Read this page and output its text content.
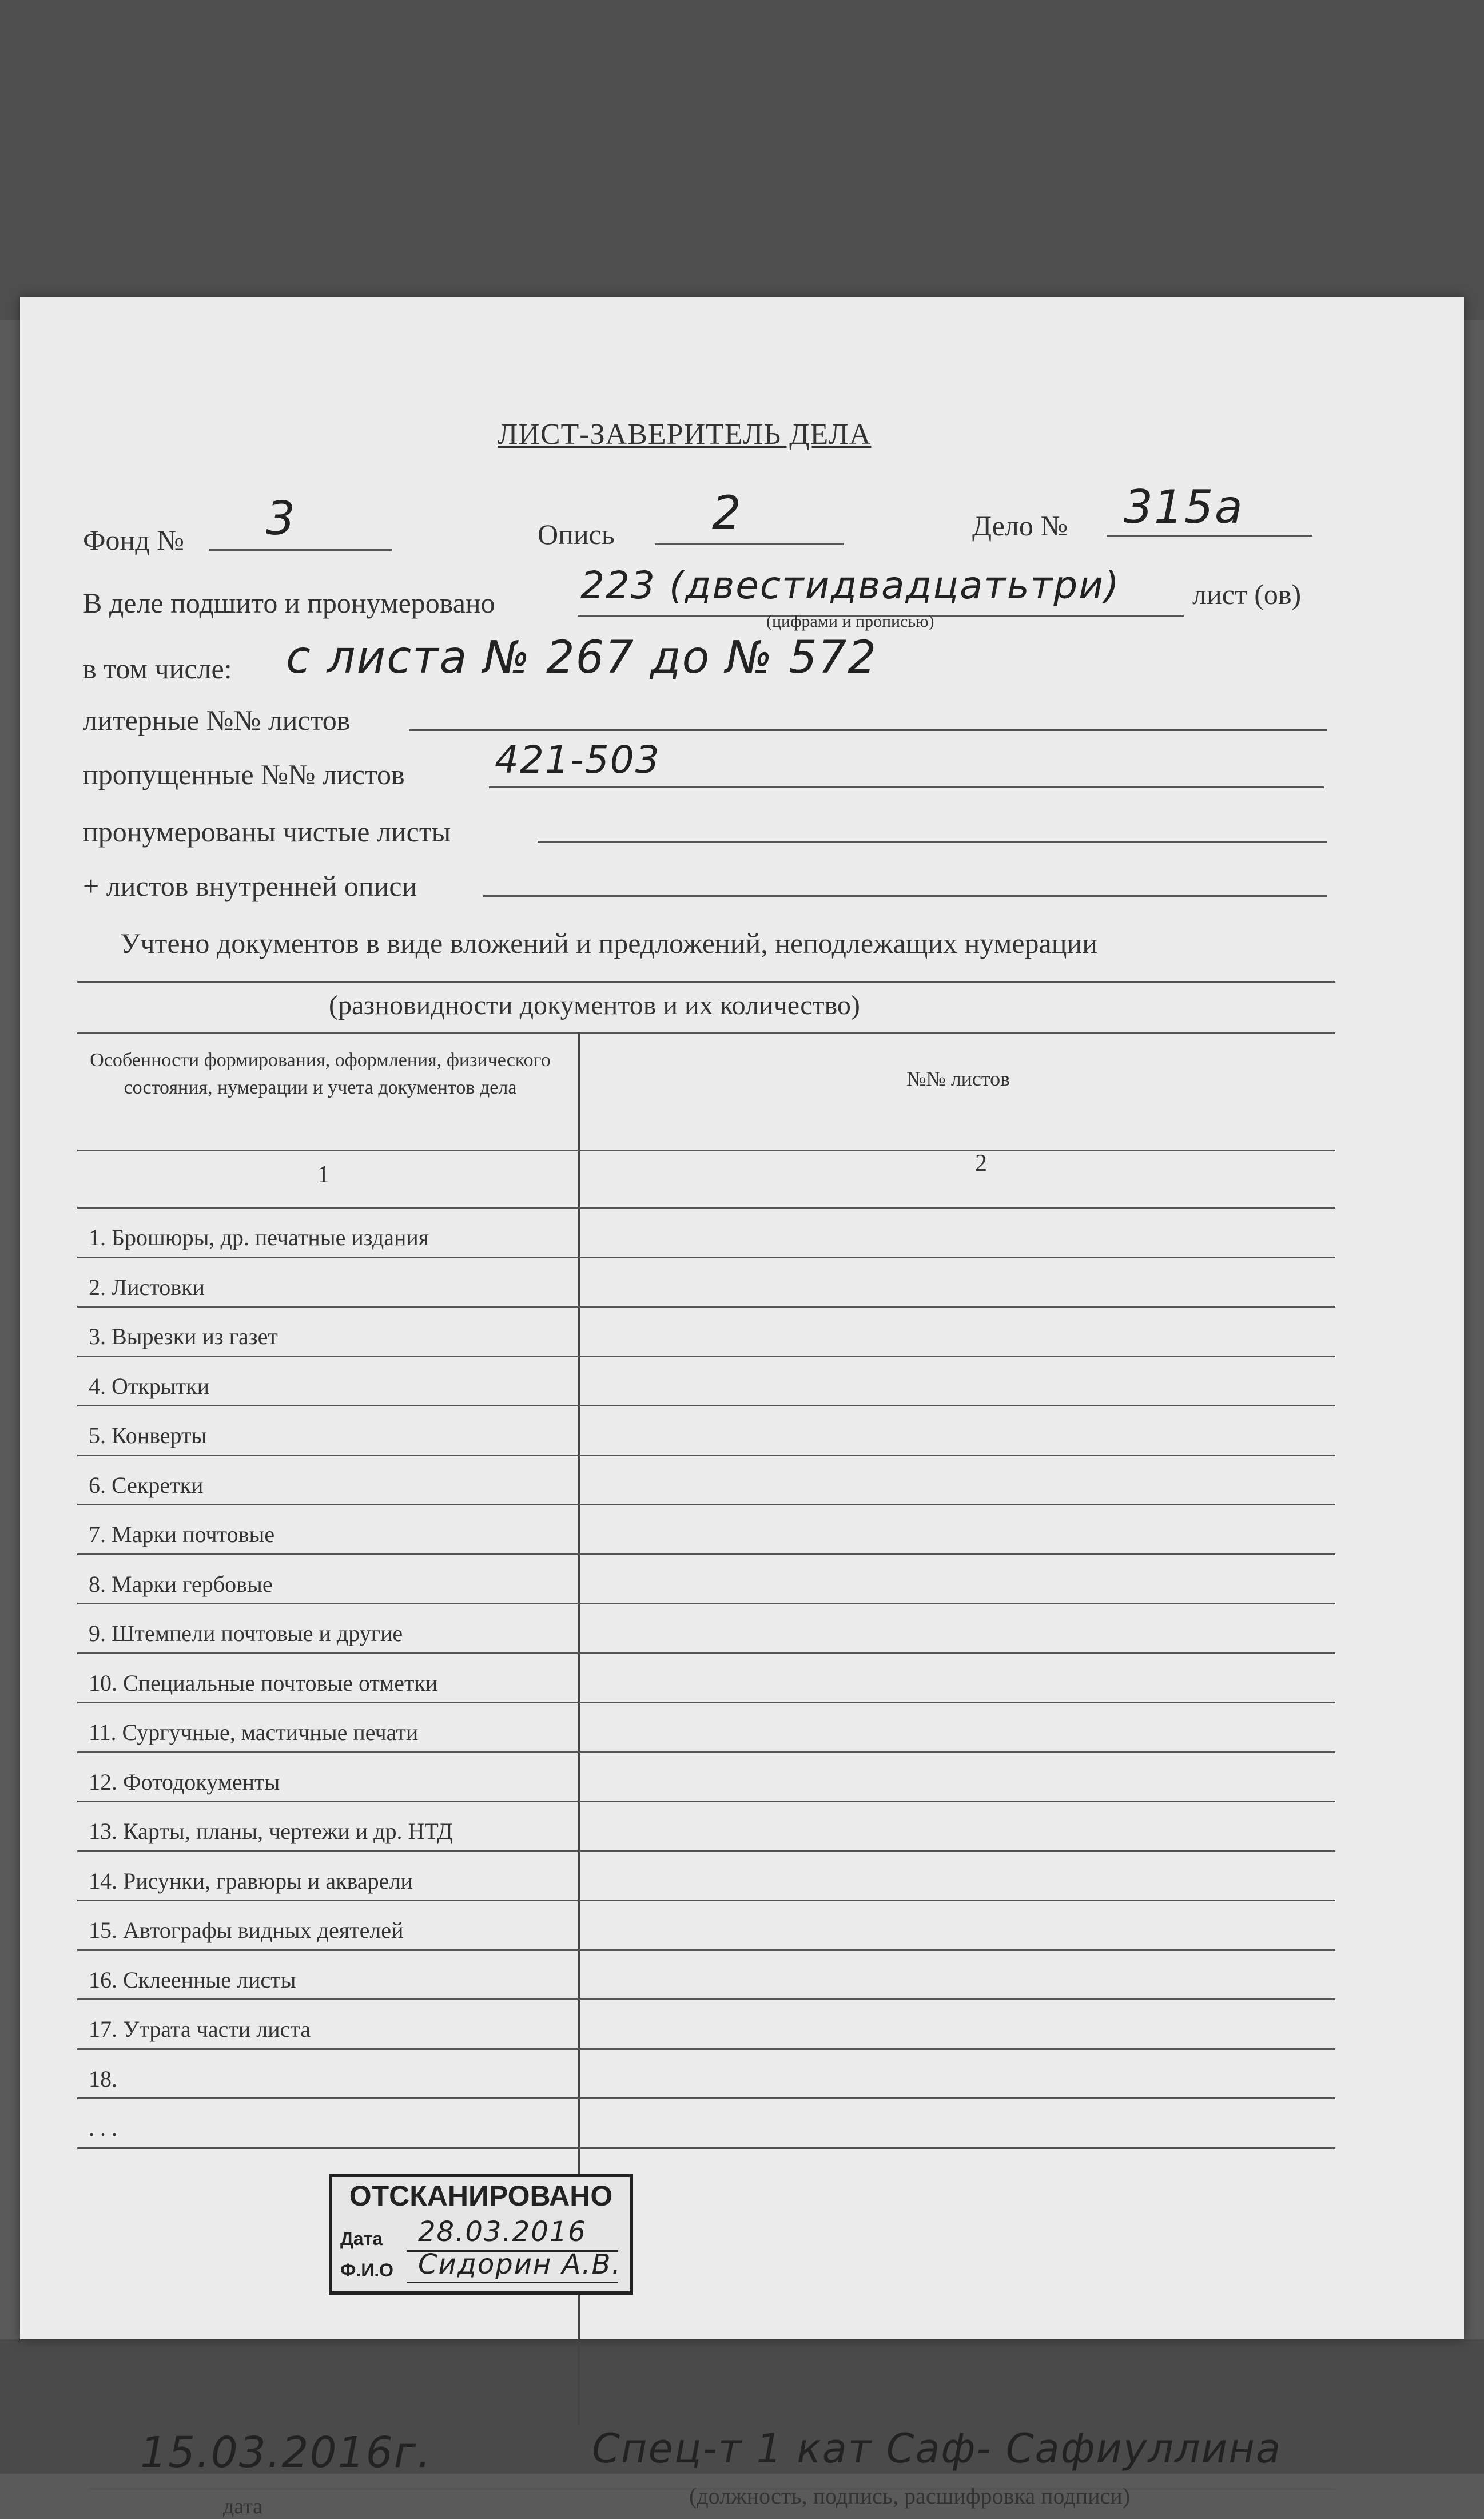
ЛИСТ-ЗАВЕРИТЕЛЬ ДЕЛА
Фонд № 3	Опись 2	Дело № 315а
В деле подшито и пронумеровано 223 (двестидвадцатьтри)	лист (ов)
(цифрами и прописью)
в том числе: с листа № 267 до № 572
литерные №№ листов
пропущенные №№ листов 421-503
пронумерованы чистые листы
+ листов внутренней описи
Учтено документов в виде вложений и предложений, неподлежащих нумерации
(разновидности документов и их количество)
Особенности формирования, оформления, физического состояния, нумерации и учета документов дела	№№ листов
1	2
1. Брошюры, др. печатные издания
2. Листовки
3. Вырезки из газет
4. Открытки
5. Конверты
6. Секретки
7. Марки почтовые
8. Марки гербовые
9. Штемпели почтовые и другие
10. Специальные почтовые отметки
11. Сургучные, мастичные печати
12. Фотодокументы
13. Карты, планы, чертежи и др. НТД
14. Рисунки, гравюры и акварели
15. Автографы видных деятелей
16. Склеенные листы
17. Утрата части листа
18.
. . .
15.03.2016г.
дата
Спец-т 1 кат Саф- Сафиуллина
(должность, подпись, расшифровка подписи)
ОТСКАНИРОВАНО
Дата 28.03.2016
Ф.И.О Сидорин А.В.
